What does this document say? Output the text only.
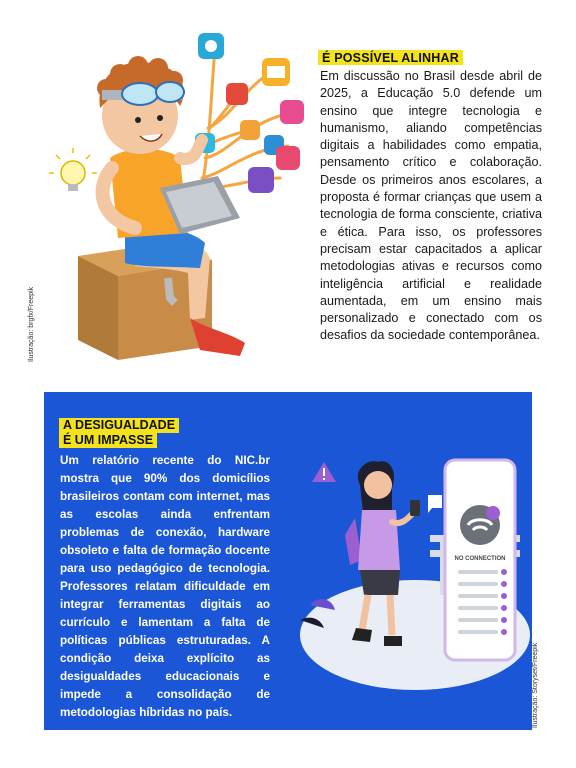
Ilustração: brgfx/Freepik
É POSSÍVEL ALINHAR
Em discussão no Brasil desde abril de 2025, a Educação 5.0 defende um ensino que integre tecnologia e humanismo, aliando competências digitais a habilidades como empatia, pensamento crítico e colaboração. Desde os primeiros anos escolares, a proposta é formar crianças que usem a tecnologia de forma consciente, criativa e ética. Para isso, os professores precisam estar capacitados a aplicar metodologias ativas e recursos como inteligência artificial e realidade aumentada, em um ensino mais personalizado e conectado com os desafios da sociedade contemporânea.
A DESIGUALDADE
É UM IMPASSE
Um relatório recente do NIC.br mostra que 90% dos domicílios brasileiros contam com internet, mas as escolas ainda enfrentam problemas de conexão, hardware obsoleto e falta de formação docente para uso pedagógico de tecnologia. Professores relatam dificuldade em integrar ferramentas digitais ao currículo e lamentam a falta de políticas públicas estruturadas. A condição deixa explícito as desigualdades educacionais e impede a consolidação de metodologias híbridas no país.
NO CONNECTION
Ilustração: Storyset/Freepik
